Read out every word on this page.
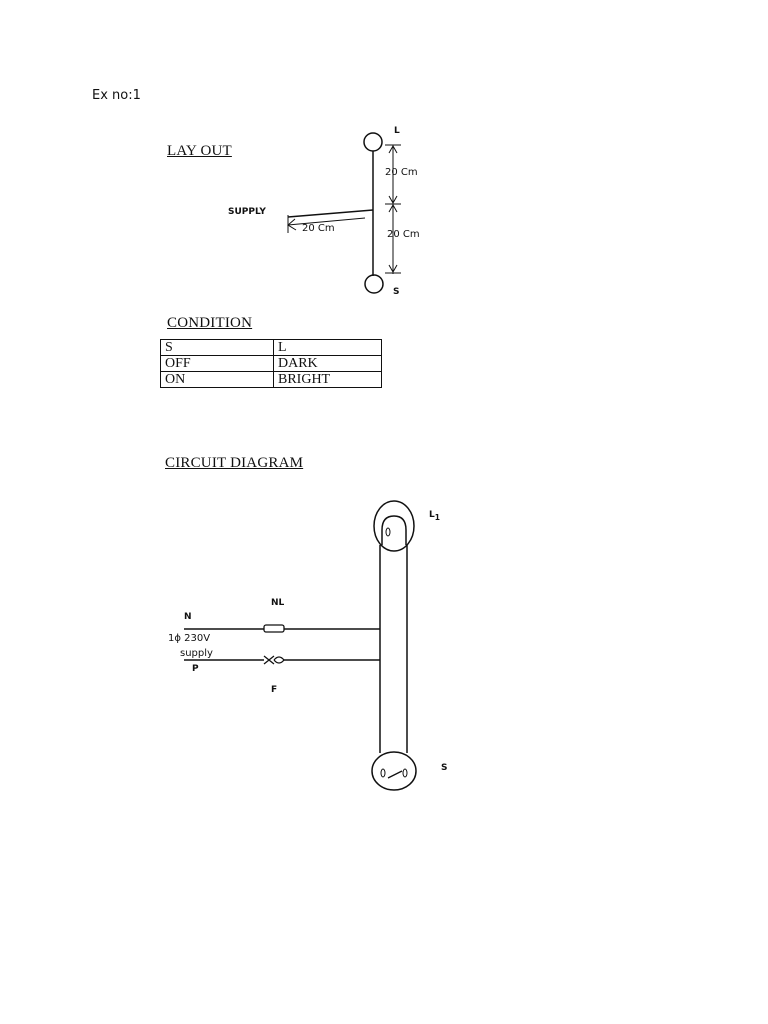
Ex no:1
LAY OUT
L
S
SUPPLY
20 Cm
20 Cm
20 Cm
CONDITION
S	L
OFF	DARK
ON	BRIGHT
CIRCUIT DIAGRAM
NL
N
1ϕ 230V
supply
P
F
$L_1$
S
